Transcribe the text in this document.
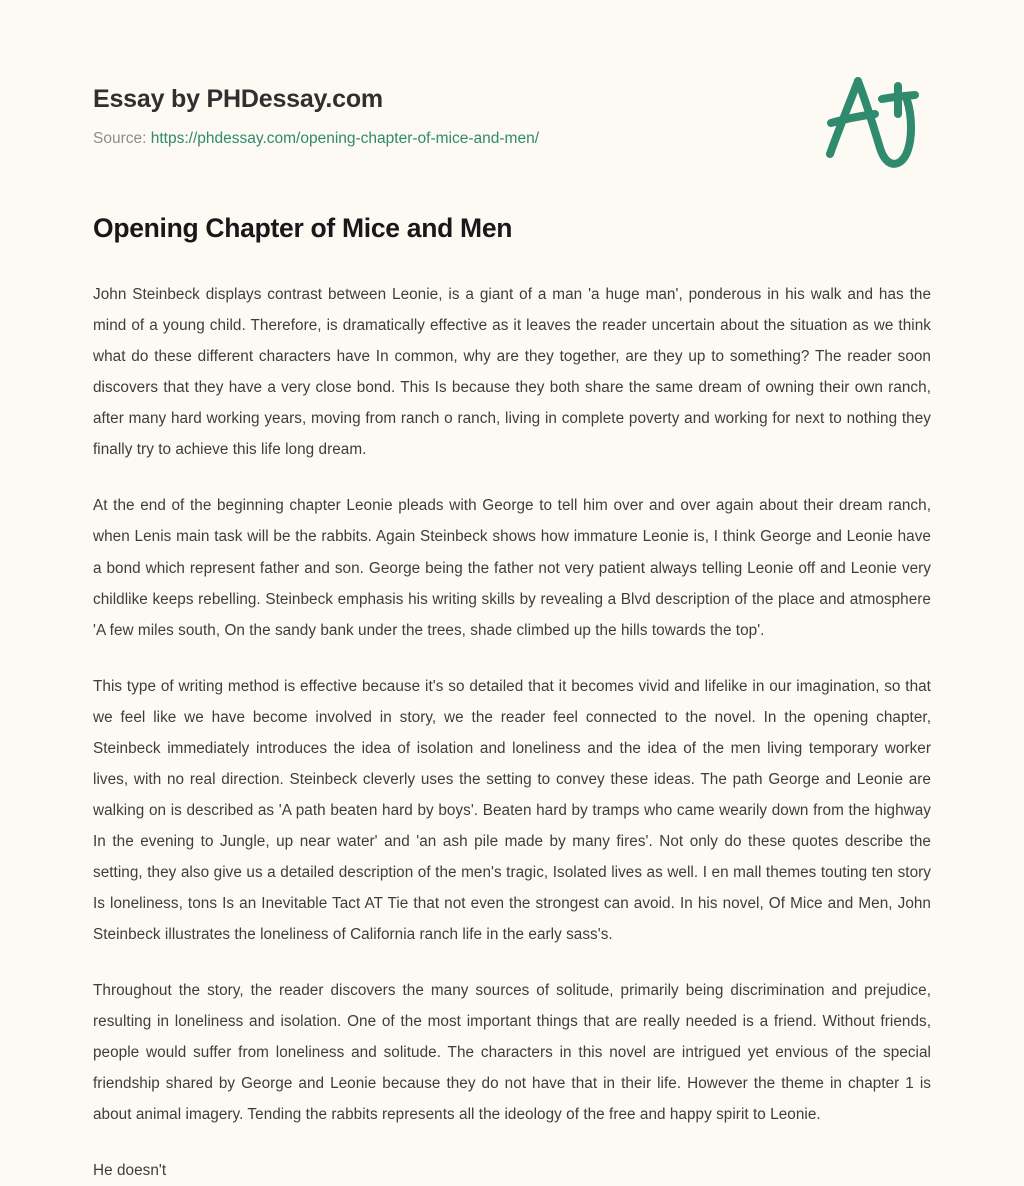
Essay by PHDessay.com
Source: https://phdessay.com/opening-chapter-of-mice-and-men/
Opening Chapter of Mice and Men

John Steinbeck displays contrast between Leonie, is a giant of a man 'a huge man', ponderous in his walk and has the mind of a young child. Therefore, is dramatically effective as it leaves the reader uncertain about the situation as we think what do these different characters have In common, why are they together, are they up to something? The reader soon discovers that they have a very close bond. This Is because they both share the same dream of owning their own ranch, after many hard working years, moving from ranch o ranch, living in complete poverty and working for next to nothing they finally try to achieve this life long dream.

At the end of the beginning chapter Leonie pleads with George to tell him over and over again about their dream ranch, when Lenis main task will be the rabbits. Again Steinbeck shows how immature Leonie is, I think George and Leonie have a bond which represent father and son. George being the father not very patient always telling Leonie off and Leonie very childlike keeps rebelling. Steinbeck emphasis his writing skills by revealing a Blvd description of the place and atmosphere 'A few miles south, On the sandy bank under the trees, shade climbed up the hills towards the top'.

This type of writing method is effective because it's so detailed that it becomes vivid and lifelike in our imagination, so that we feel like we have become involved in story, we the reader feel connected to the novel. In the opening chapter, Steinbeck immediately introduces the idea of isolation and loneliness and the idea of the men living temporary worker lives, with no real direction. Steinbeck cleverly uses the setting to convey these ideas. The path George and Leonie are walking on is described as 'A path beaten hard by boys'. Beaten hard by tramps who came wearily down from the highway In the evening to Jungle, up near water' and 'an ash pile made by many fires'. Not only do these quotes describe the setting, they also give us a detailed description of the men's tragic, Isolated lives as well. I en mall themes touting ten story Is loneliness, tons Is an Inevitable Tact AT Tie that not even the strongest can avoid. In his novel, Of Mice and Men, John Steinbeck illustrates the loneliness of California ranch life in the early sass's.

Throughout the story, the reader discovers the many sources of solitude, primarily being discrimination and prejudice, resulting in loneliness and isolation. One of the most important things that are really needed is a friend. Without friends, people would suffer from loneliness and solitude. The characters in this novel are intrigued yet envious of the special friendship shared by George and Leonie because they do not have that in their life. However the theme in chapter 1 is about animal imagery. Tending the rabbits represents all the ideology of the free and happy spirit to Leonie.

He doesn't
